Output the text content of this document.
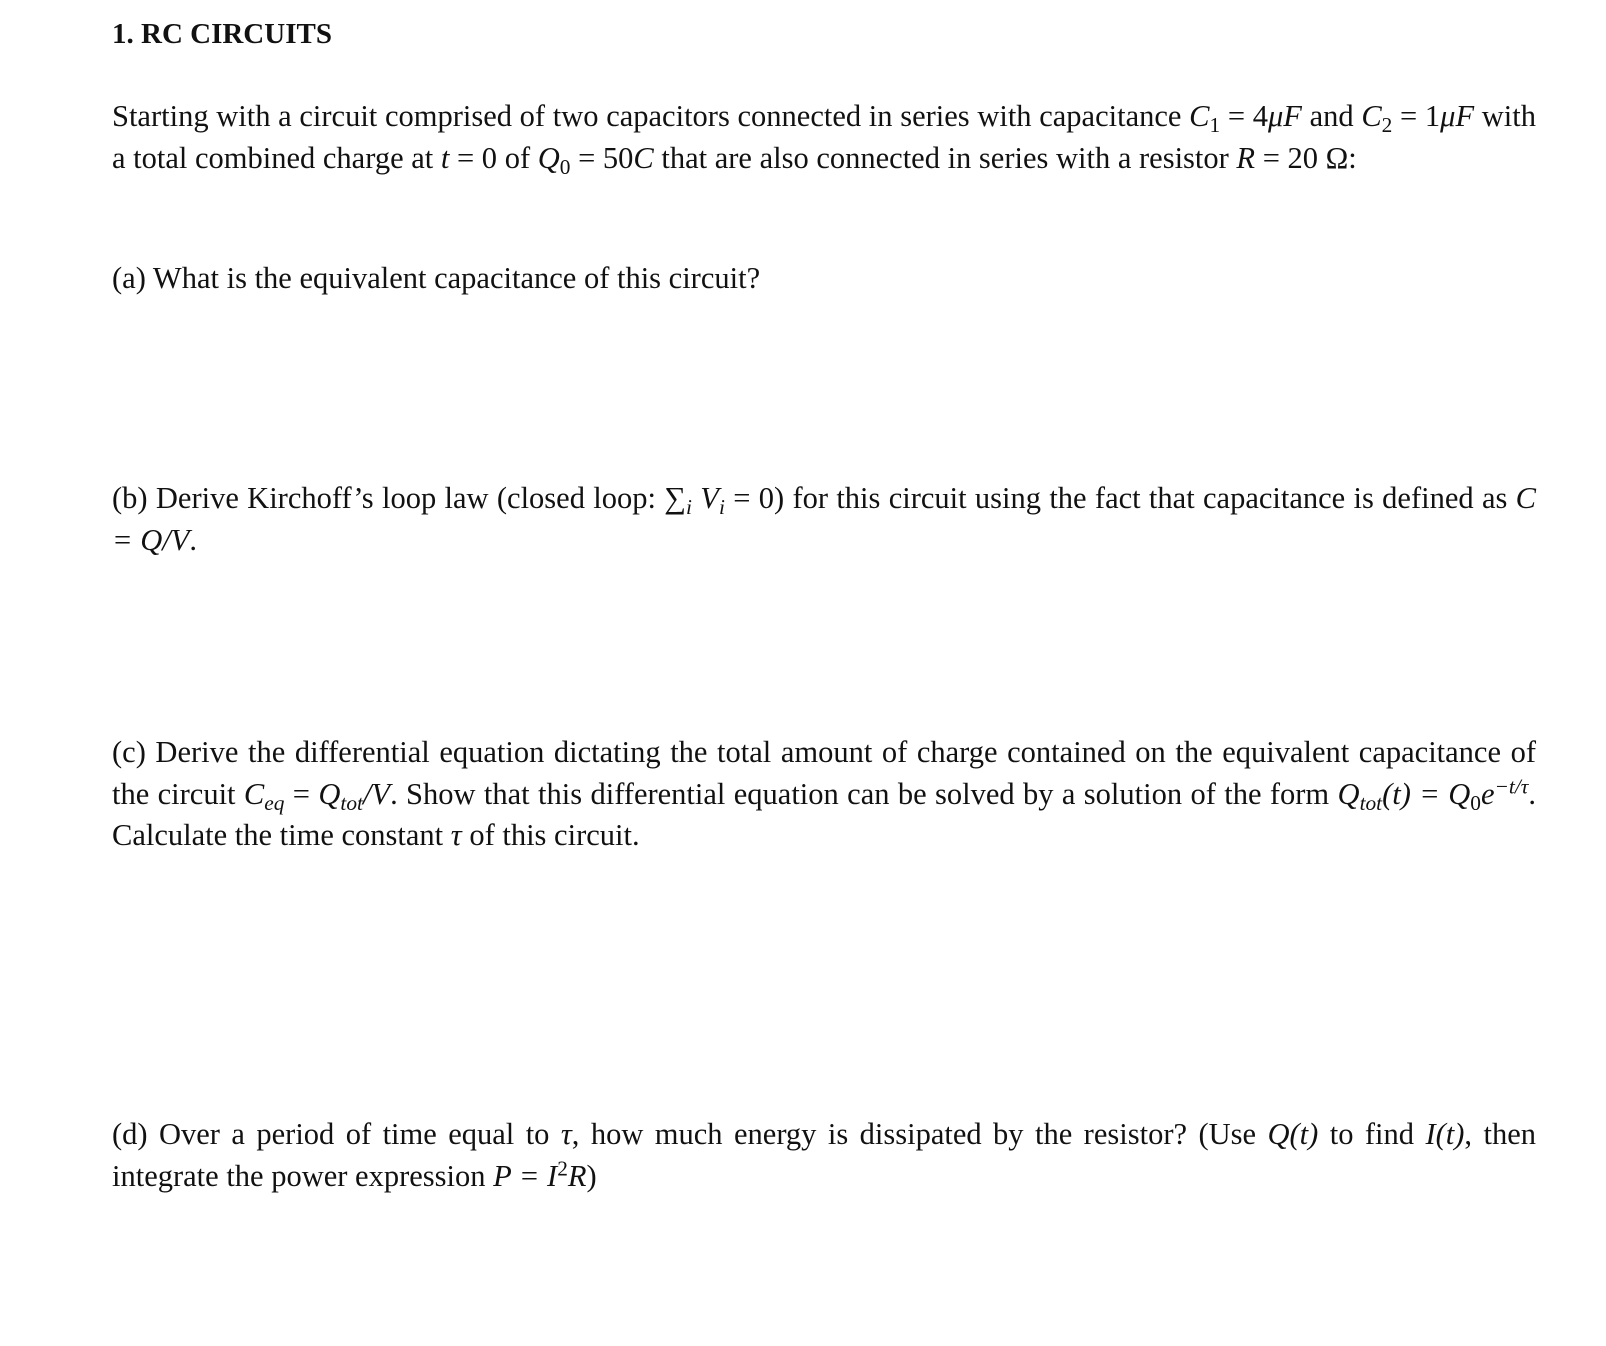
1. RC CIRCUITS

Starting with a circuit comprised of two capacitors connected in series with capacitance $C_1 = 4\mu F$ and $C_2 = 1\mu F$ with a total combined charge at t = 0 of $Q_0 = 50C$ that are also connected in series with a resistor R = 20 Ω:

(a) What is the equivalent capacitance of this circuit?

(b) Derive Kirchoff’s loop law (closed loop: $\sum_i$ $V_i = 0$) for this circuit using the fact that capacitance is defined as C = Q/V.

(c) Derive the differential equation dictating the total amount of charge contained on the equivalent capacitance of the circuit $C_{eq} = Q_{tot}/V$. Show that this differential equation can be solved by a solution of the form $Q_{tot}(t) = Q_0e^{-t/\tau}$. Calculate the time constant τ of this circuit.

(d) Over a period of time equal to τ, how much energy is dissipated by the resistor? (Use Q(t) to find I(t), then integrate the power expression $P = I^2R$)
